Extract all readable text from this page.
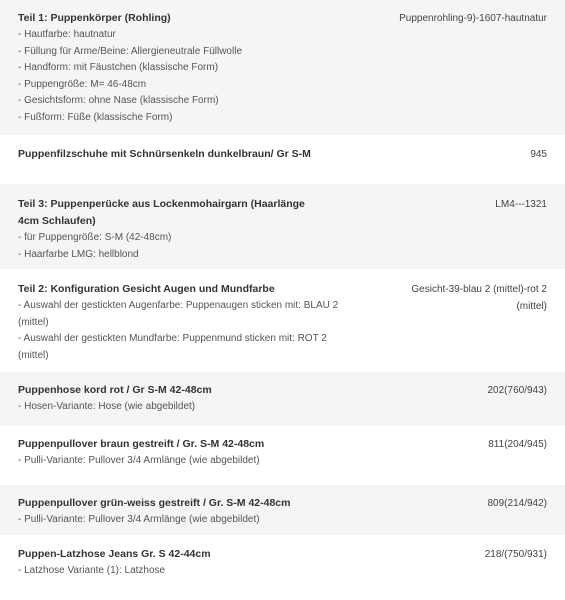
Teil 1: Puppenkörper (Rohling)
- Hautfarbe: hautnatur
- Füllung für Arme/Beine: Allergieneutrale Füllwolle
- Handform: mit Fäustchen (klassische Form)
- Puppengröße: M= 46-48cm
- Gesichtsform: ohne Nase (klassische Form)
- Fußform: Füße (klassische Form)
Puppenrohling-9)-1607-hautnatur
Puppenfilzschuhe mit Schnürsenkeln dunkelbraun/ Gr S-M	945
Teil 3: Puppenperücke aus Lockenmohairgarn (Haarlänge 4cm Schlaufen)
- für Puppengröße: S-M (42-48cm)
- Haarfarbe LMG: hellblond
LM4---1321
Teil 2: Konfiguration Gesicht Augen und Mundfarbe
- Auswahl der gestickten Augenfarbe: Puppenaugen sticken mit: BLAU 2 (mittel)
- Auswahl der gestickten Mundfarbe: Puppenmund sticken mit: ROT 2 (mittel)
Gesicht-39-blau 2 (mittel)-rot 2 (mittel)
Puppenhose kord rot / Gr S-M 42-48cm
- Hosen-Variante: Hose (wie abgebildet)
202(760/943)
Puppenpullover braun gestreift / Gr. S-M 42-48cm
- Pulli-Variante: Pullover 3/4 Armlänge (wie abgebildet)
811(204/945)
Puppenpullover grün-weiss gestreift / Gr. S-M 42-48cm
- Pulli-Variante: Pullover 3/4 Armlänge (wie abgebildet)
809(214/942)
Puppen-Latzhose Jeans Gr. S 42-44cm
- Latzhose Variante (1): Latzhose
218/(750/931)
